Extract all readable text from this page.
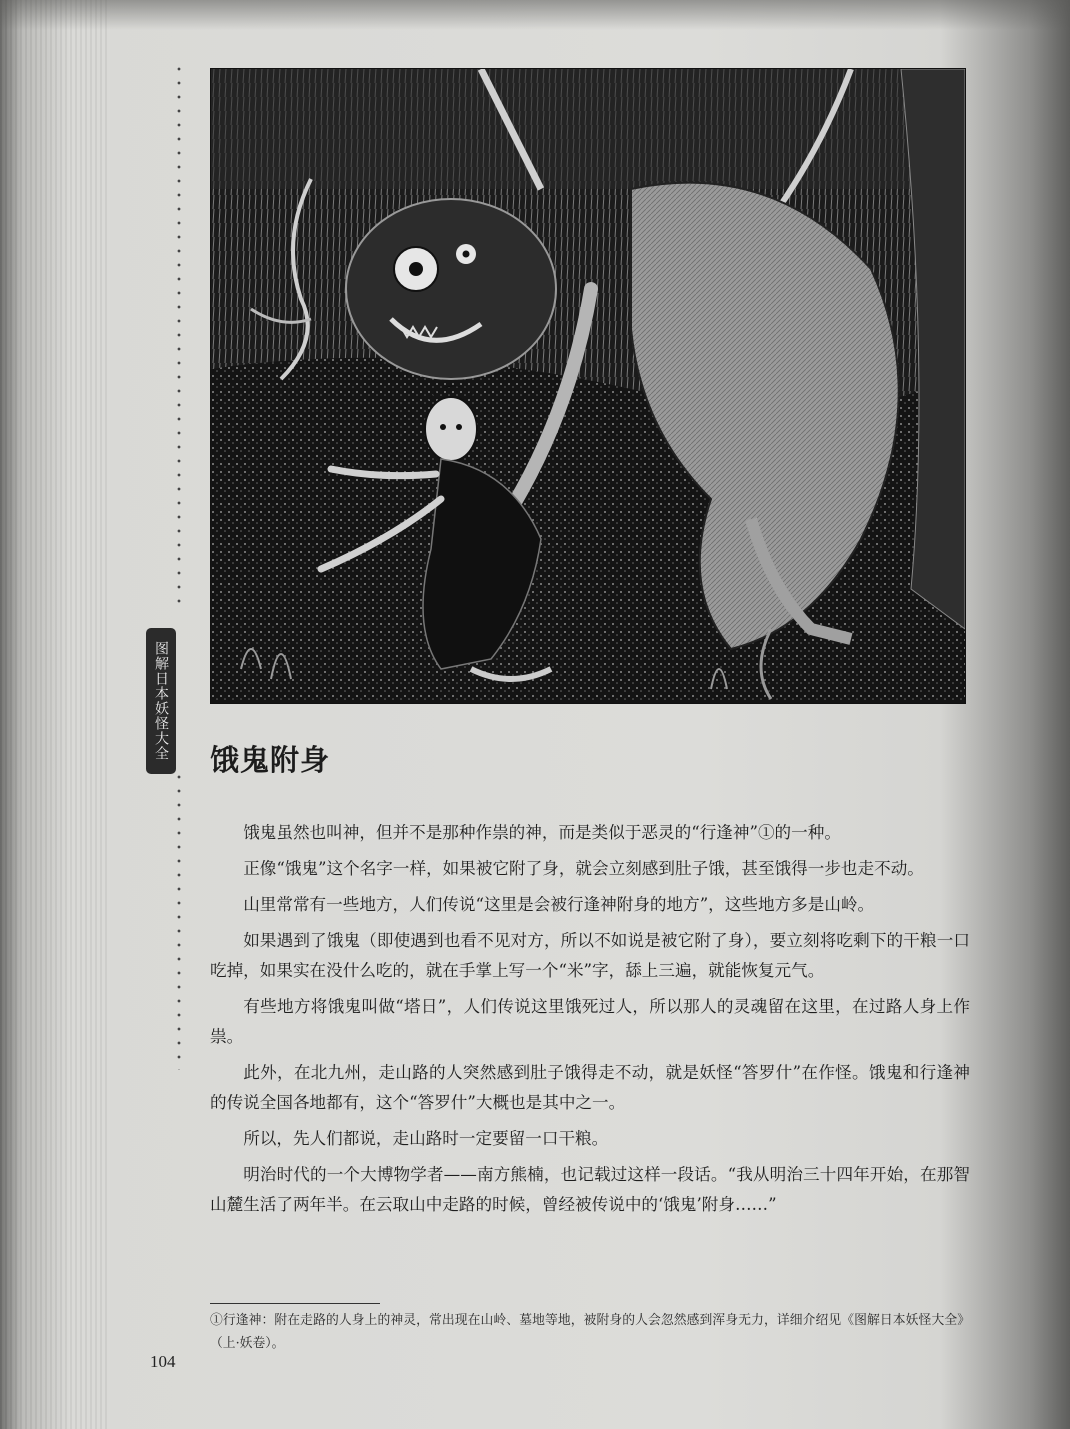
图解日本妖怪大全 饿鬼附身

饿鬼虽然也叫神，但并不是那种作祟的神，而是类似于恶灵的“行逢神”①的一种。

正像“饿鬼”这个名字一样，如果被它附了身，就会立刻感到肚子饿，甚至饿得一步也走不动。

山里常常有一些地方，人们传说“这里是会被行逢神附身的地方”，这些地方多是山岭。

如果遇到了饿鬼（即使遇到也看不见对方，所以不如说是被它附了身），要立刻将吃剩下的干粮一口吃掉，如果实在没什么吃的，就在手掌上写一个“米”字，舔上三遍，就能恢复元气。

有些地方将饿鬼叫做“塔日”，人们传说这里饿死过人，所以那人的灵魂留在这里，在过路人身上作祟。

此外，在北九州，走山路的人突然感到肚子饿得走不动，就是妖怪“答罗什”在作怪。饿鬼和行逢神的传说全国各地都有，这个“答罗什”大概也是其中之一。

所以，先人们都说，走山路时一定要留一口干粮。

明治时代的一个大博物学者——南方熊楠，也记载过这样一段话。“我从明治三十四年开始，在那智山麓生活了两年半。在云取山中走路的时候，曾经被传说中的‘饿鬼’附身……”

①行逢神：附在走路的人身上的神灵，常出现在山岭、墓地等地，被附身的人会忽然感到浑身无力，详细介绍见《图解日本妖怪大全》（上·妖卷）。
104
